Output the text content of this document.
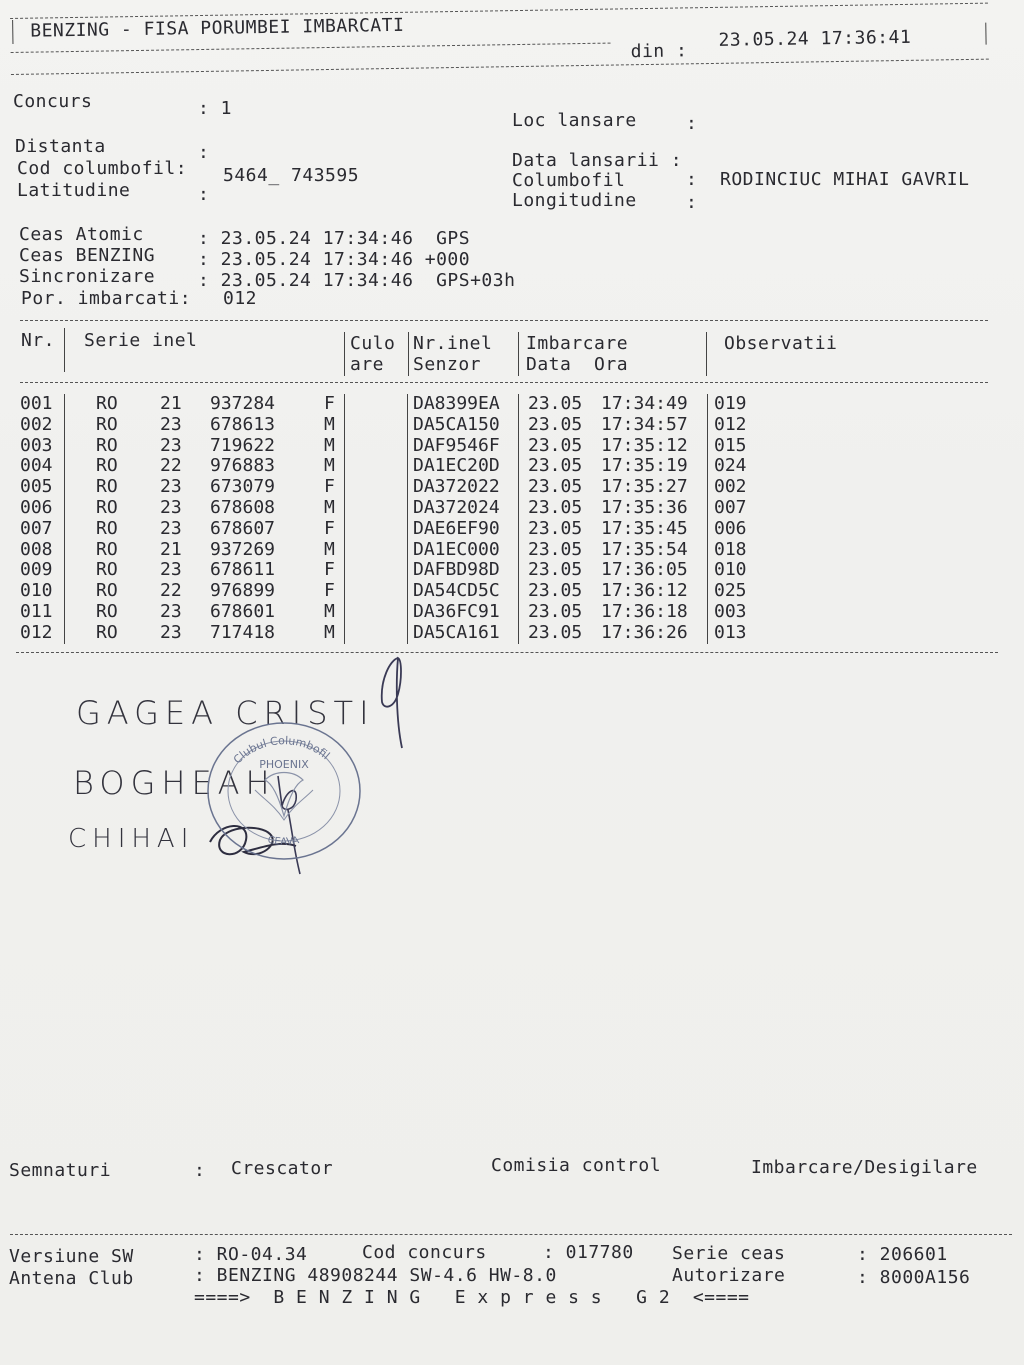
BENZING - FISA PORUMBEI IMBARCATI
din :
23.05.24 17:36:41
Concurs	: 1
Distanta	:
Cod columbofil: 5464_ 743595
Latitudine	:
Loc lansare	:
Data lansarii :
Columbofil	:  RODINCIUC MIHAI GAVRIL
Longitudine	:
Ceas Atomic	: 23.05.24 17:34:46  GPS
Ceas BENZING : 23.05.24 17:34:46 +000
Sincronizare : 23.05.24 17:34:46  GPS+03h
Por. imbarcati: 012
Nr. Serie inel	Culo
are
Nr.inel
Senzor
Imbarcare
Data  Ora
Observatii
001 RO 21 937284	F	DA8399EA 23.05 17:34:49 019
002 RO 23 678613	M	DA5CA150 23.05 17:34:57 012
003 RO 23 719622	M	DAF9546F 23.05 17:35:12 015
004 RO 22 976883	M	DA1EC20D 23.05 17:35:19 024
005 RO 23 673079	F	DA372022 23.05 17:35:27 002
006 RO 23 678608	M	DA372024 23.05 17:35:36 007
007 RO 23 678607	F	DAE6EF90 23.05 17:35:45 006
008 RO 21 937269	M	DA1EC000 23.05 17:35:54 018
009 RO 23 678611	F	DAFBD98D 23.05 17:36:05 010
010 RO 22 976899	F	DA54CD5C 23.05 17:36:12 025
011 RO 23 678601	M	DA36FC91 23.05 17:36:18 003
012 RO 23 717418	M	DA5CA161 23.05 17:36:26 013
GAGEA CRISTI
BOGHEAH
CHIHAI
Clubul Columbofil
PHOENIX
CEAVA
Semnaturi	: Crescator	Comisia control	Imbarcare/Desigilare
Versiune SW	: RO-04.34	Cod concurs	: 017780 Serie ceas	: 206601
Antena Club	: BENZING 48908244 SW-4.6 HW-8.0	Autorizare	: 8000A156
====>  B E N Z I N G   E x p r e s s   G 2  <====
